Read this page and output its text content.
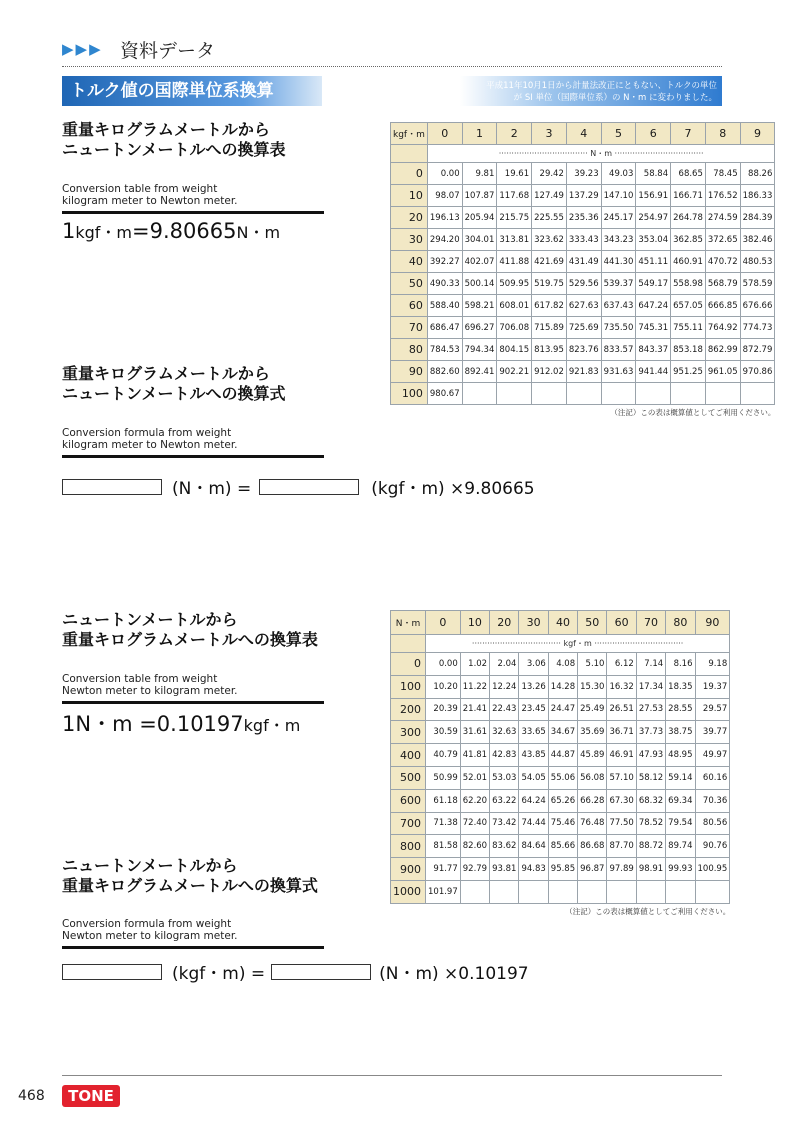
▶▶▶ 資料データ
トルク値の国際単位系換算	平成11年10月1日から計量法改正にともない、トルクの単位が SI 単位（国際単位系）の N・m に変わりました。
重量キログラムメートルから
ニュートンメートルへの換算表
Conversion table from weight
kilogram meter to Newton meter.
1kgf・m=9.80665N・m
重量キログラムメートルから
ニュートンメートルへの換算式
Conversion formula from weight
kilogram meter to Newton meter.
(N・m) =	(kgf・m) ×9.80665
ニュートンメートルから
重量キログラムメートルへの換算表
Conversion table from weight
Newton meter to kilogram meter.
1N・m =0.10197kgf・m
ニュートンメートルから
重量キログラムメートルへの換算式
Conversion formula from weight
Newton meter to kilogram meter.
(kgf・m) =	(N・m) ×0.10197
kgf・m	0	1	2	3	4	5	6	7	8	9
	··································· N・m ···································									
0	0.00	9.81	19.61	29.42	39.23	49.03	58.84	68.65	78.45	88.26
10	98.07	107.87	117.68	127.49	137.29	147.10	156.91	166.71	176.52	186.33
20	196.13	205.94	215.75	225.55	235.36	245.17	254.97	264.78	274.59	284.39
30	294.20	304.01	313.81	323.62	333.43	343.23	353.04	362.85	372.65	382.46
40	392.27	402.07	411.88	421.69	431.49	441.30	451.11	460.91	470.72	480.53
50	490.33	500.14	509.95	519.75	529.56	539.37	549.17	558.98	568.79	578.59
60	588.40	598.21	608.01	617.82	627.63	637.43	647.24	657.05	666.85	676.66
70	686.47	696.27	706.08	715.89	725.69	735.50	745.31	755.11	764.92	774.73
80	784.53	794.34	804.15	813.95	823.76	833.57	843.37	853.18	862.99	872.79
90	882.60	892.41	902.21	912.02	921.83	931.63	941.44	951.25	961.05	970.86
100	980.67									
（注記）この表は概算値としてご利用ください。
N・m	0	10	20	30	40	50	60	70	80	90
	··································· kgf・m ···································									
0	0.00	1.02	2.04	3.06	4.08	5.10	6.12	7.14	8.16	9.18
100	10.20	11.22	12.24	13.26	14.28	15.30	16.32	17.34	18.35	19.37
200	20.39	21.41	22.43	23.45	24.47	25.49	26.51	27.53	28.55	29.57
300	30.59	31.61	32.63	33.65	34.67	35.69	36.71	37.73	38.75	39.77
400	40.79	41.81	42.83	43.85	44.87	45.89	46.91	47.93	48.95	49.97
500	50.99	52.01	53.03	54.05	55.06	56.08	57.10	58.12	59.14	60.16
600	61.18	62.20	63.22	64.24	65.26	66.28	67.30	68.32	69.34	70.36
700	71.38	72.40	73.42	74.44	75.46	76.48	77.50	78.52	79.54	80.56
800	81.58	82.60	83.62	84.64	85.66	86.68	87.70	88.72	89.74	90.76
900	91.77	92.79	93.81	94.83	95.85	96.87	97.89	98.91	99.93	100.95
1000	101.97									
（注記）この表は概算値としてご利用ください。
468	TONE
